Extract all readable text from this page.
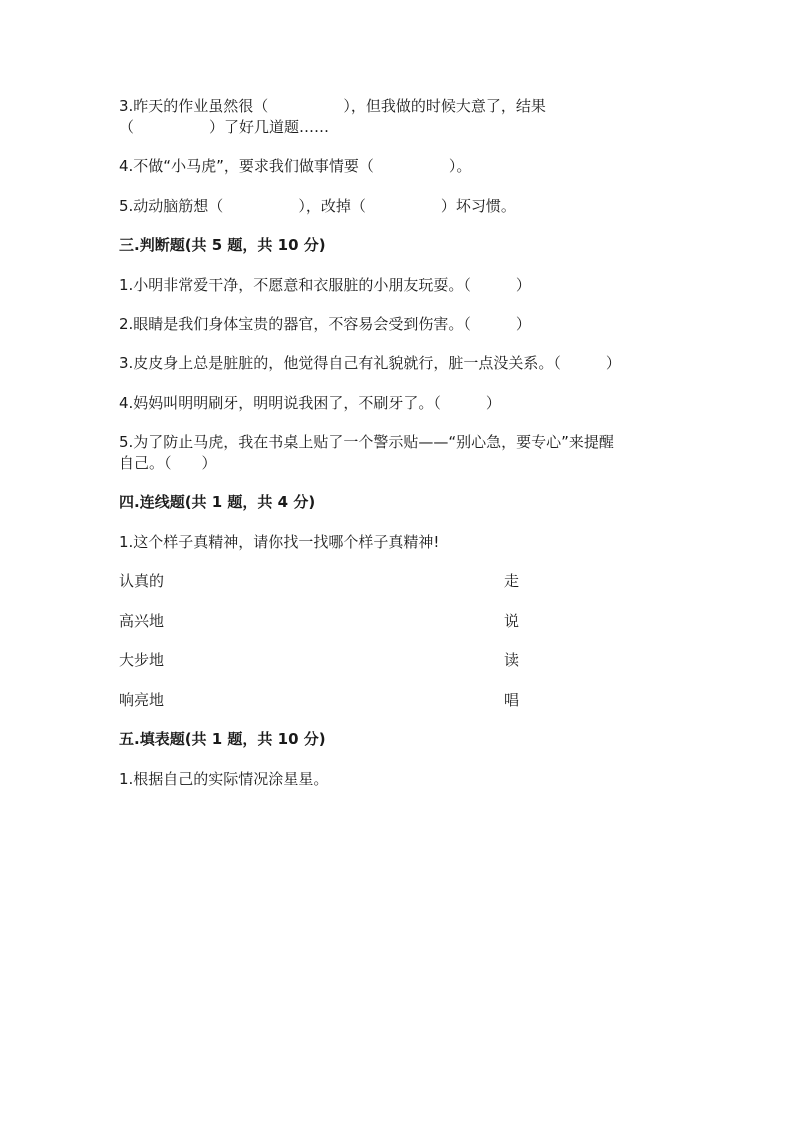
3.昨天的作业虽然很（　　　　　），但我做的时候大意了，结果
（　　　　　）了好几道题……
4.不做“小马虎”，要求我们做事情要（　　　　　）。
5.动动脑筋想（　　　　　），改掉（　　　　　）坏习惯。
三.判断题(共 5 题，共 10 分)
1.小明非常爱干净，不愿意和衣服脏的小朋友玩耍。（　　　）
2.眼睛是我们身体宝贵的器官，不容易会受到伤害。（　　　）
3.皮皮身上总是脏脏的，他觉得自己有礼貌就行，脏一点没关系。（　　　）
4.妈妈叫明明刷牙，明明说我困了，不刷牙了。（　　　）
5.为了防止马虎，我在书桌上贴了一个警示贴——“别心急，要专心”来提醒
自己。（　　）
四.连线题(共 1 题，共 4 分)
1.这个样子真精神，请你找一找哪个样子真精神!
认真的	走
高兴地	说
大步地	读
响亮地	唱
五.填表题(共 1 题，共 10 分)
1.根据自己的实际情况涂星星。
